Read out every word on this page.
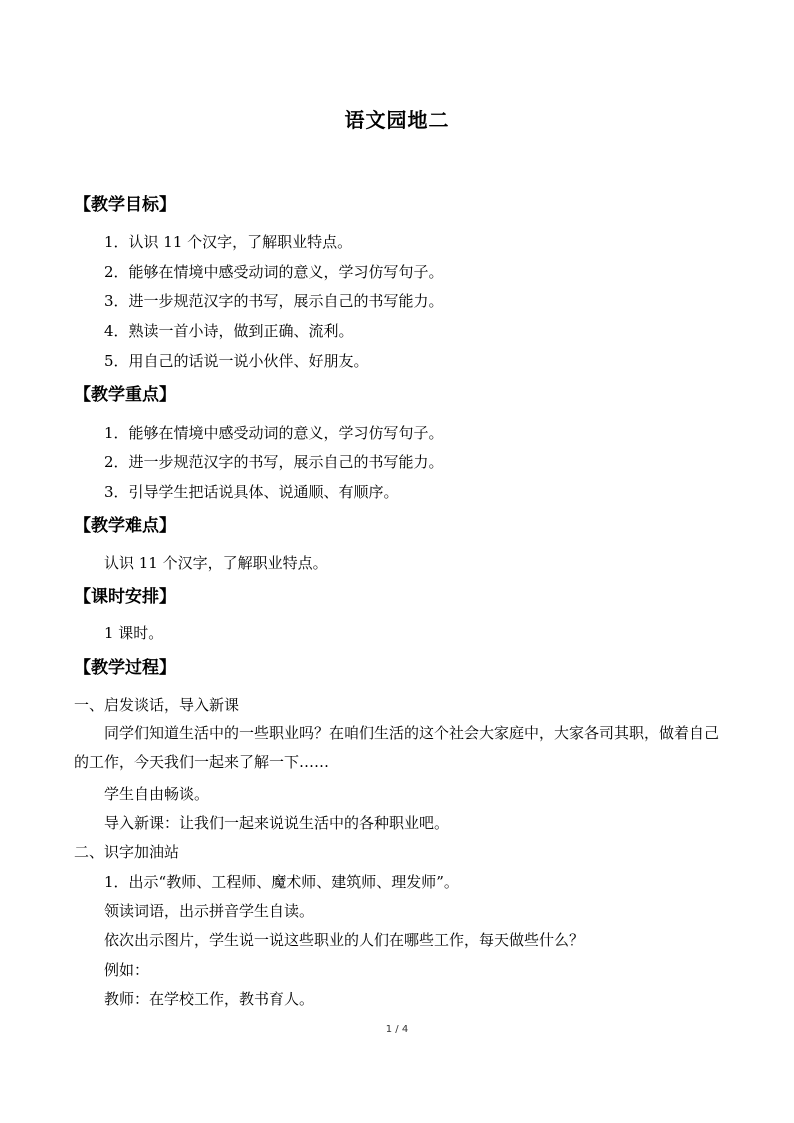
语文园地二
【教学目标】
1．认识 11 个汉字，了解职业特点。
2．能够在情境中感受动词的意义，学习仿写句子。
3．进一步规范汉字的书写，展示自己的书写能力。
4．熟读一首小诗，做到正确、流利。
5．用自己的话说一说小伙伴、好朋友。
【教学重点】
1．能够在情境中感受动词的意义，学习仿写句子。
2．进一步规范汉字的书写，展示自己的书写能力。
3．引导学生把话说具体、说通顺、有顺序。
【教学难点】
认识 11 个汉字，了解职业特点。
【课时安排】
1 课时。
【教学过程】
一、启发谈话，导入新课
同学们知道生活中的一些职业吗？在咱们生活的这个社会大家庭中，大家各司其职，做着自己的工作，今天我们一起来了解一下……
学生自由畅谈。
导入新课：让我们一起来说说生活中的各种职业吧。
二、识字加油站
1．出示“教师、工程师、魔术师、建筑师、理发师”。
领读词语，出示拼音学生自读。
依次出示图片，学生说一说这些职业的人们在哪些工作，每天做些什么？
例如：
教师：在学校工作，教书育人。
1 / 4
